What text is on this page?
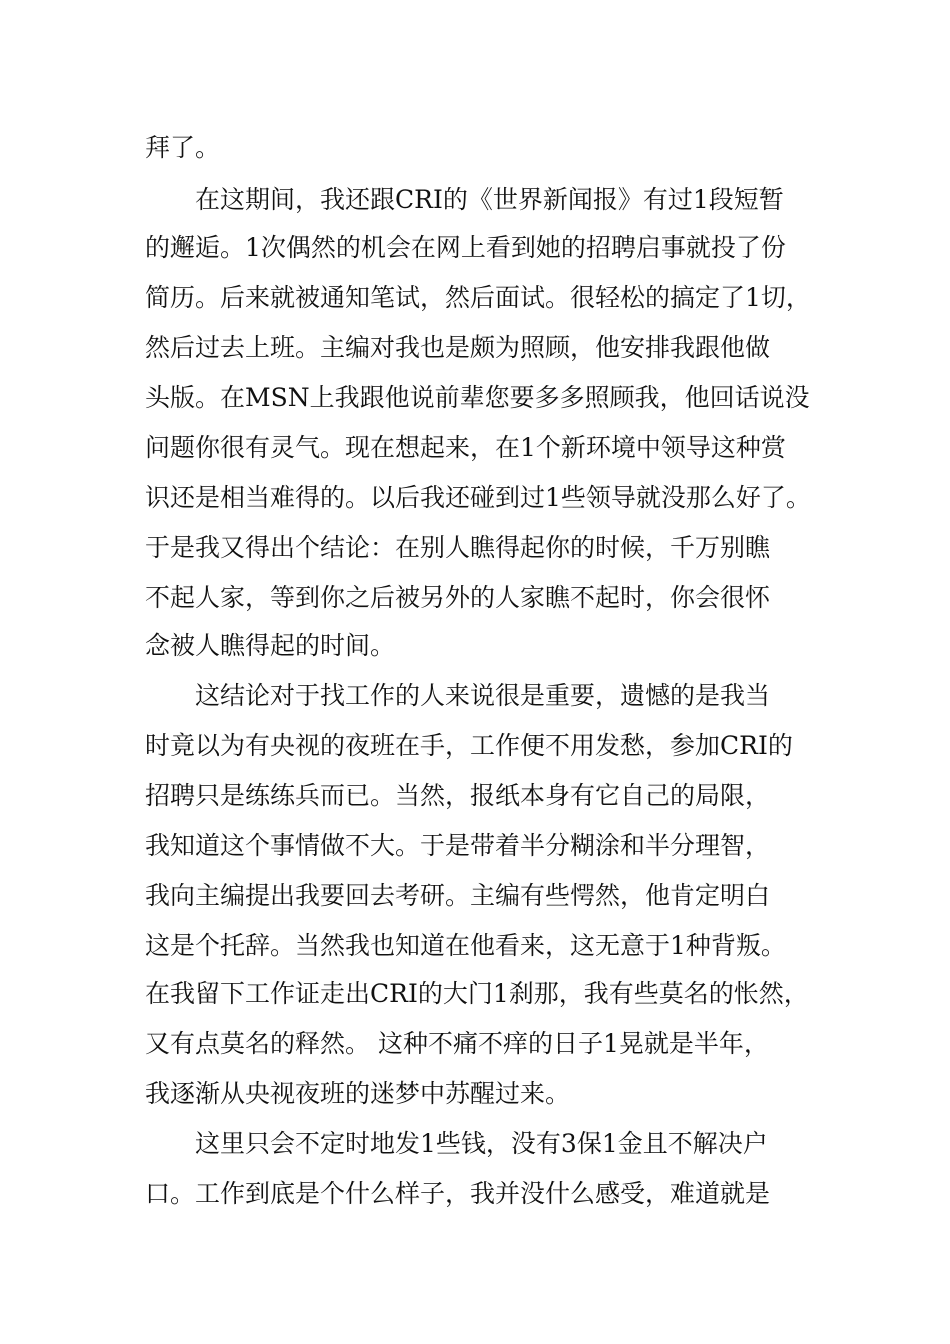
拜了。
　　在这期间，我还跟CRI的《世界新闻报》有过1段短暂
的邂逅。1次偶然的机会在网上看到她的招聘启事就投了份
简历。后来就被通知笔试，然后面试。很轻松的搞定了1切，
然后过去上班。主编对我也是颇为照顾，他安排我跟他做
头版。在MSN上我跟他说前辈您要多多照顾我，他回话说没
问题你很有灵气。现在想起来，在1个新环境中领导这种赏
识还是相当难得的。以后我还碰到过1些领导就没那么好了。
于是我又得出个结论：在别人瞧得起你的时候，千万别瞧
不起人家，等到你之后被另外的人家瞧不起时，你会很怀
念被人瞧得起的时间。
　　这结论对于找工作的人来说很是重要，遗憾的是我当
时竟以为有央视的夜班在手，工作便不用发愁，参加CRI的
招聘只是练练兵而已。当然，报纸本身有它自己的局限，
我知道这个事情做不大。于是带着半分糊涂和半分理智，
我向主编提出我要回去考研。主编有些愕然，他肯定明白
这是个托辞。当然我也知道在他看来，这无意于1种背叛。
在我留下工作证走出CRI的大门1刹那，我有些莫名的怅然，
又有点莫名的释然。 这种不痛不痒的日子1晃就是半年，
我逐渐从央视夜班的迷梦中苏醒过来。
　　这里只会不定时地发1些钱，没有3保1金且不解决户
口。工作到底是个什么样子，我并没什么感受，难道就是
